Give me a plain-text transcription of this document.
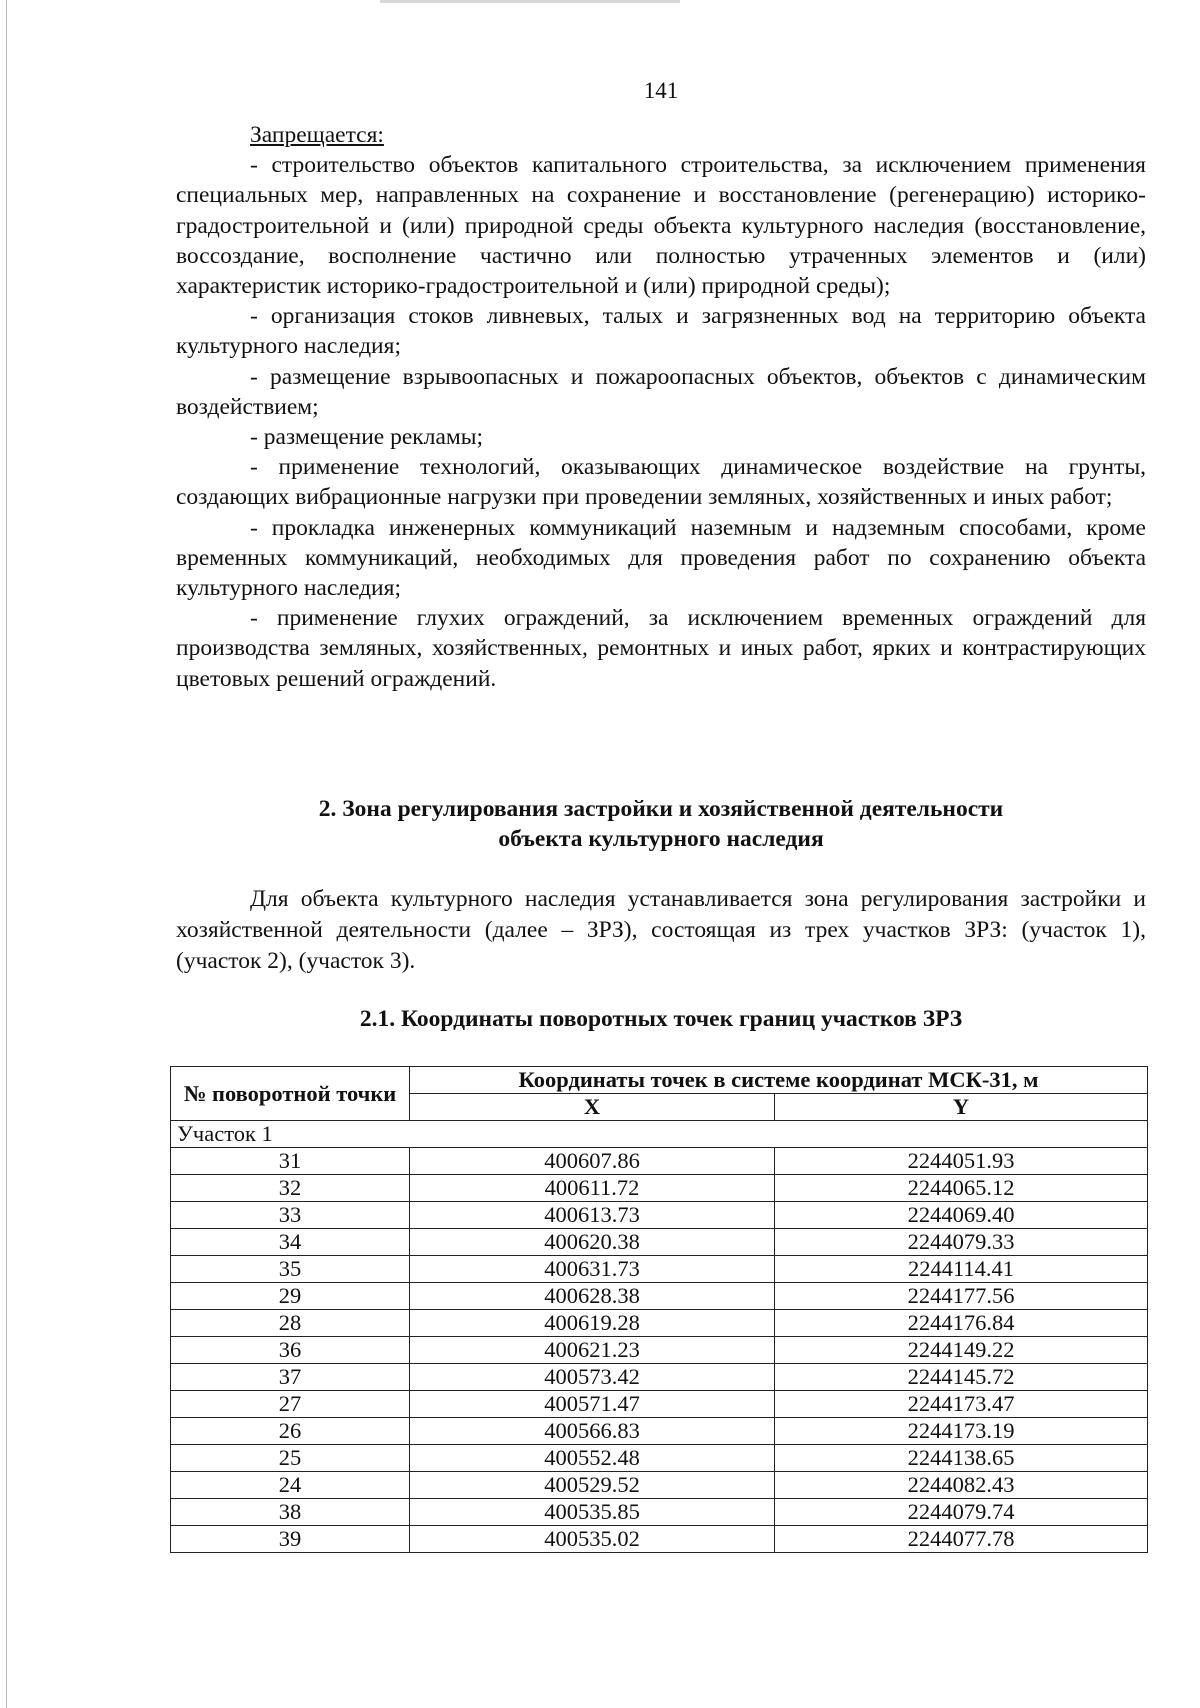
141

Запрещается:

- строительство объектов капитального строительства, за исключением применения специальных мер, направленных на сохранение и восстановление (регенерацию) историко-градостроительной и (или) природной среды объекта культурного наследия (восстановление, воссоздание, восполнение частично или полностью утраченных элементов и (или) характеристик историко-градостроительной и (или) природной среды);

- организация стоков ливневых, талых и загрязненных вод на территорию объекта культурного наследия;

- размещение взрывоопасных и пожароопасных объектов, объектов с динамическим воздействием;

- размещение рекламы;

- применение технологий, оказывающих динамическое воздействие на грунты, создающих вибрационные нагрузки при проведении земляных, хозяйственных и иных работ;

- прокладка инженерных коммуникаций наземным и надземным способами, кроме временных коммуникаций, необходимых для проведения работ по сохранению объекта культурного наследия;

- применение глухих ограждений, за исключением временных ограждений для производства земляных, хозяйственных, ремонтных и иных работ, ярких и контрастирующих цветовых решений ограждений.

2. Зона регулирования застройки и хозяйственной деятельности
объекта культурного наследия

Для объекта культурного наследия устанавливается зона регулирования застройки и хозяйственной деятельности (далее – ЗРЗ), состоящая из трех участков ЗРЗ: (участок 1), (участок 2), (участок 3).

2.1. Координаты поворотных точек границ участков ЗРЗ
№ поворотной точки	Координаты точек в системе координат МСК-31, м	
	X	Y
Участок 1		
31	400607.86	2244051.93
32	400611.72	2244065.12
33	400613.73	2244069.40
34	400620.38	2244079.33
35	400631.73	2244114.41
29	400628.38	2244177.56
28	400619.28	2244176.84
36	400621.23	2244149.22
37	400573.42	2244145.72
27	400571.47	2244173.47
26	400566.83	2244173.19
25	400552.48	2244138.65
24	400529.52	2244082.43
38	400535.85	2244079.74
39	400535.02	2244077.78
